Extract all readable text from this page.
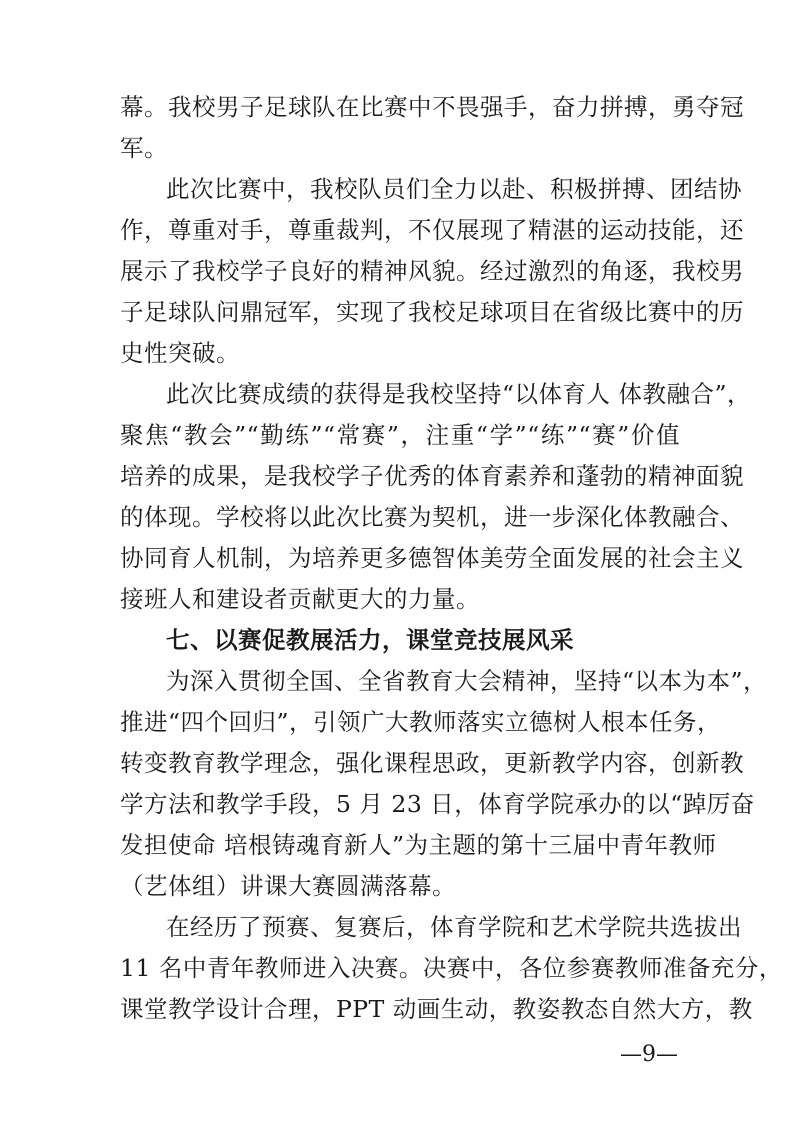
幕。我校男子足球队在比赛中不畏强手，奋力拼搏，勇夺冠
军。
此次比赛中，我校队员们全力以赴、积极拼搏、团结协
作，尊重对手，尊重裁判，不仅展现了精湛的运动技能，还
展示了我校学子良好的精神风貌。经过激烈的角逐，我校男
子足球队问鼎冠军，实现了我校足球项目在省级比赛中的历
史性突破。
此次比赛成绩的获得是我校坚持“以体育人 体教融合”，
聚焦“教会”“勤练”“常赛”，注重“学”“练”“赛”价值
培养的成果，是我校学子优秀的体育素养和蓬勃的精神面貌
的体现。学校将以此次比赛为契机，进一步深化体教融合、
协同育人机制，为培养更多德智体美劳全面发展的社会主义
接班人和建设者贡献更大的力量。
七、以赛促教展活力，课堂竞技展风采
为深入贯彻全国、全省教育大会精神，坚持“以本为本”，
推进“四个回归”，引领广大教师落实立德树人根本任务，
转变教育教学理念，强化课程思政，更新教学内容，创新教
学方法和教学手段，5 月 23 日，体育学院承办的以“踔厉奋
发担使命 培根铸魂育新人”为主题的第十三届中青年教师
（艺体组）讲课大赛圆满落幕。
在经历了预赛、复赛后，体育学院和艺术学院共选拔出
11 名中青年教师进入决赛。决赛中，各位参赛教师准备充分，
课堂教学设计合理，PPT 动画生动，教姿教态自然大方，教
—9—
